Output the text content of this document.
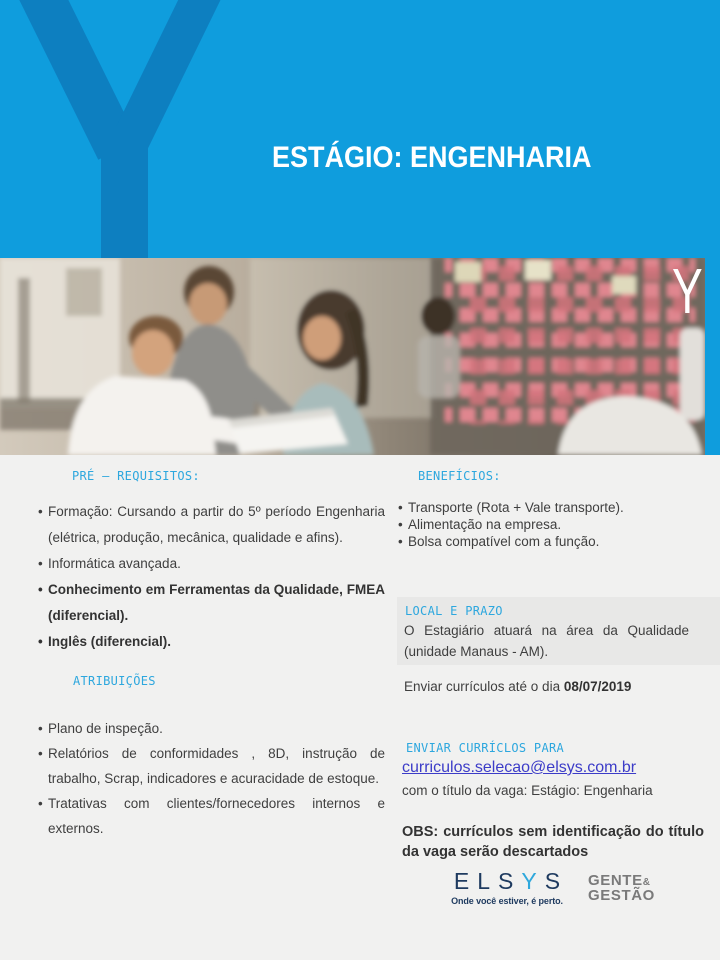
ESTÁGIO: ENGENHARIA
Y
PRÉ – REQUISITOS:
• Formação: Cursando a partir do 5º período Engenharia (elétrica, produção, mecânica, qualidade e afins).
• Informática avançada.
• Conhecimento em Ferramentas da Qualidade, FMEA (diferencial).
• Inglês (diferencial).
ATRIBUIÇÕES
• Plano de inspeção.
• Relatórios de conformidades , 8D, instrução de trabalho, Scrap, indicadores e acuracidade de estoque.
• Tratativas com clientes/fornecedores internos e externos.
BENEFÍCIOS:
• Transporte (Rota + Vale transporte).
• Alimentação na empresa.
• Bolsa compatível com a função.
LOCAL E PRAZO

O Estagiário atuará na área da Qualidade (unidade Manaus - AM).

Enviar currículos até o dia 08/07/2019

ENVIAR CURRÍCLOS PARA
curriculos.selecao@elsys.com.br

com o título da vaga: Estágio: Engenharia

OBS: currículos sem identificação do título da vaga serão descartados

E L S Y S
Onde você estiver, é perto.
GENTE&
GESTÃO
